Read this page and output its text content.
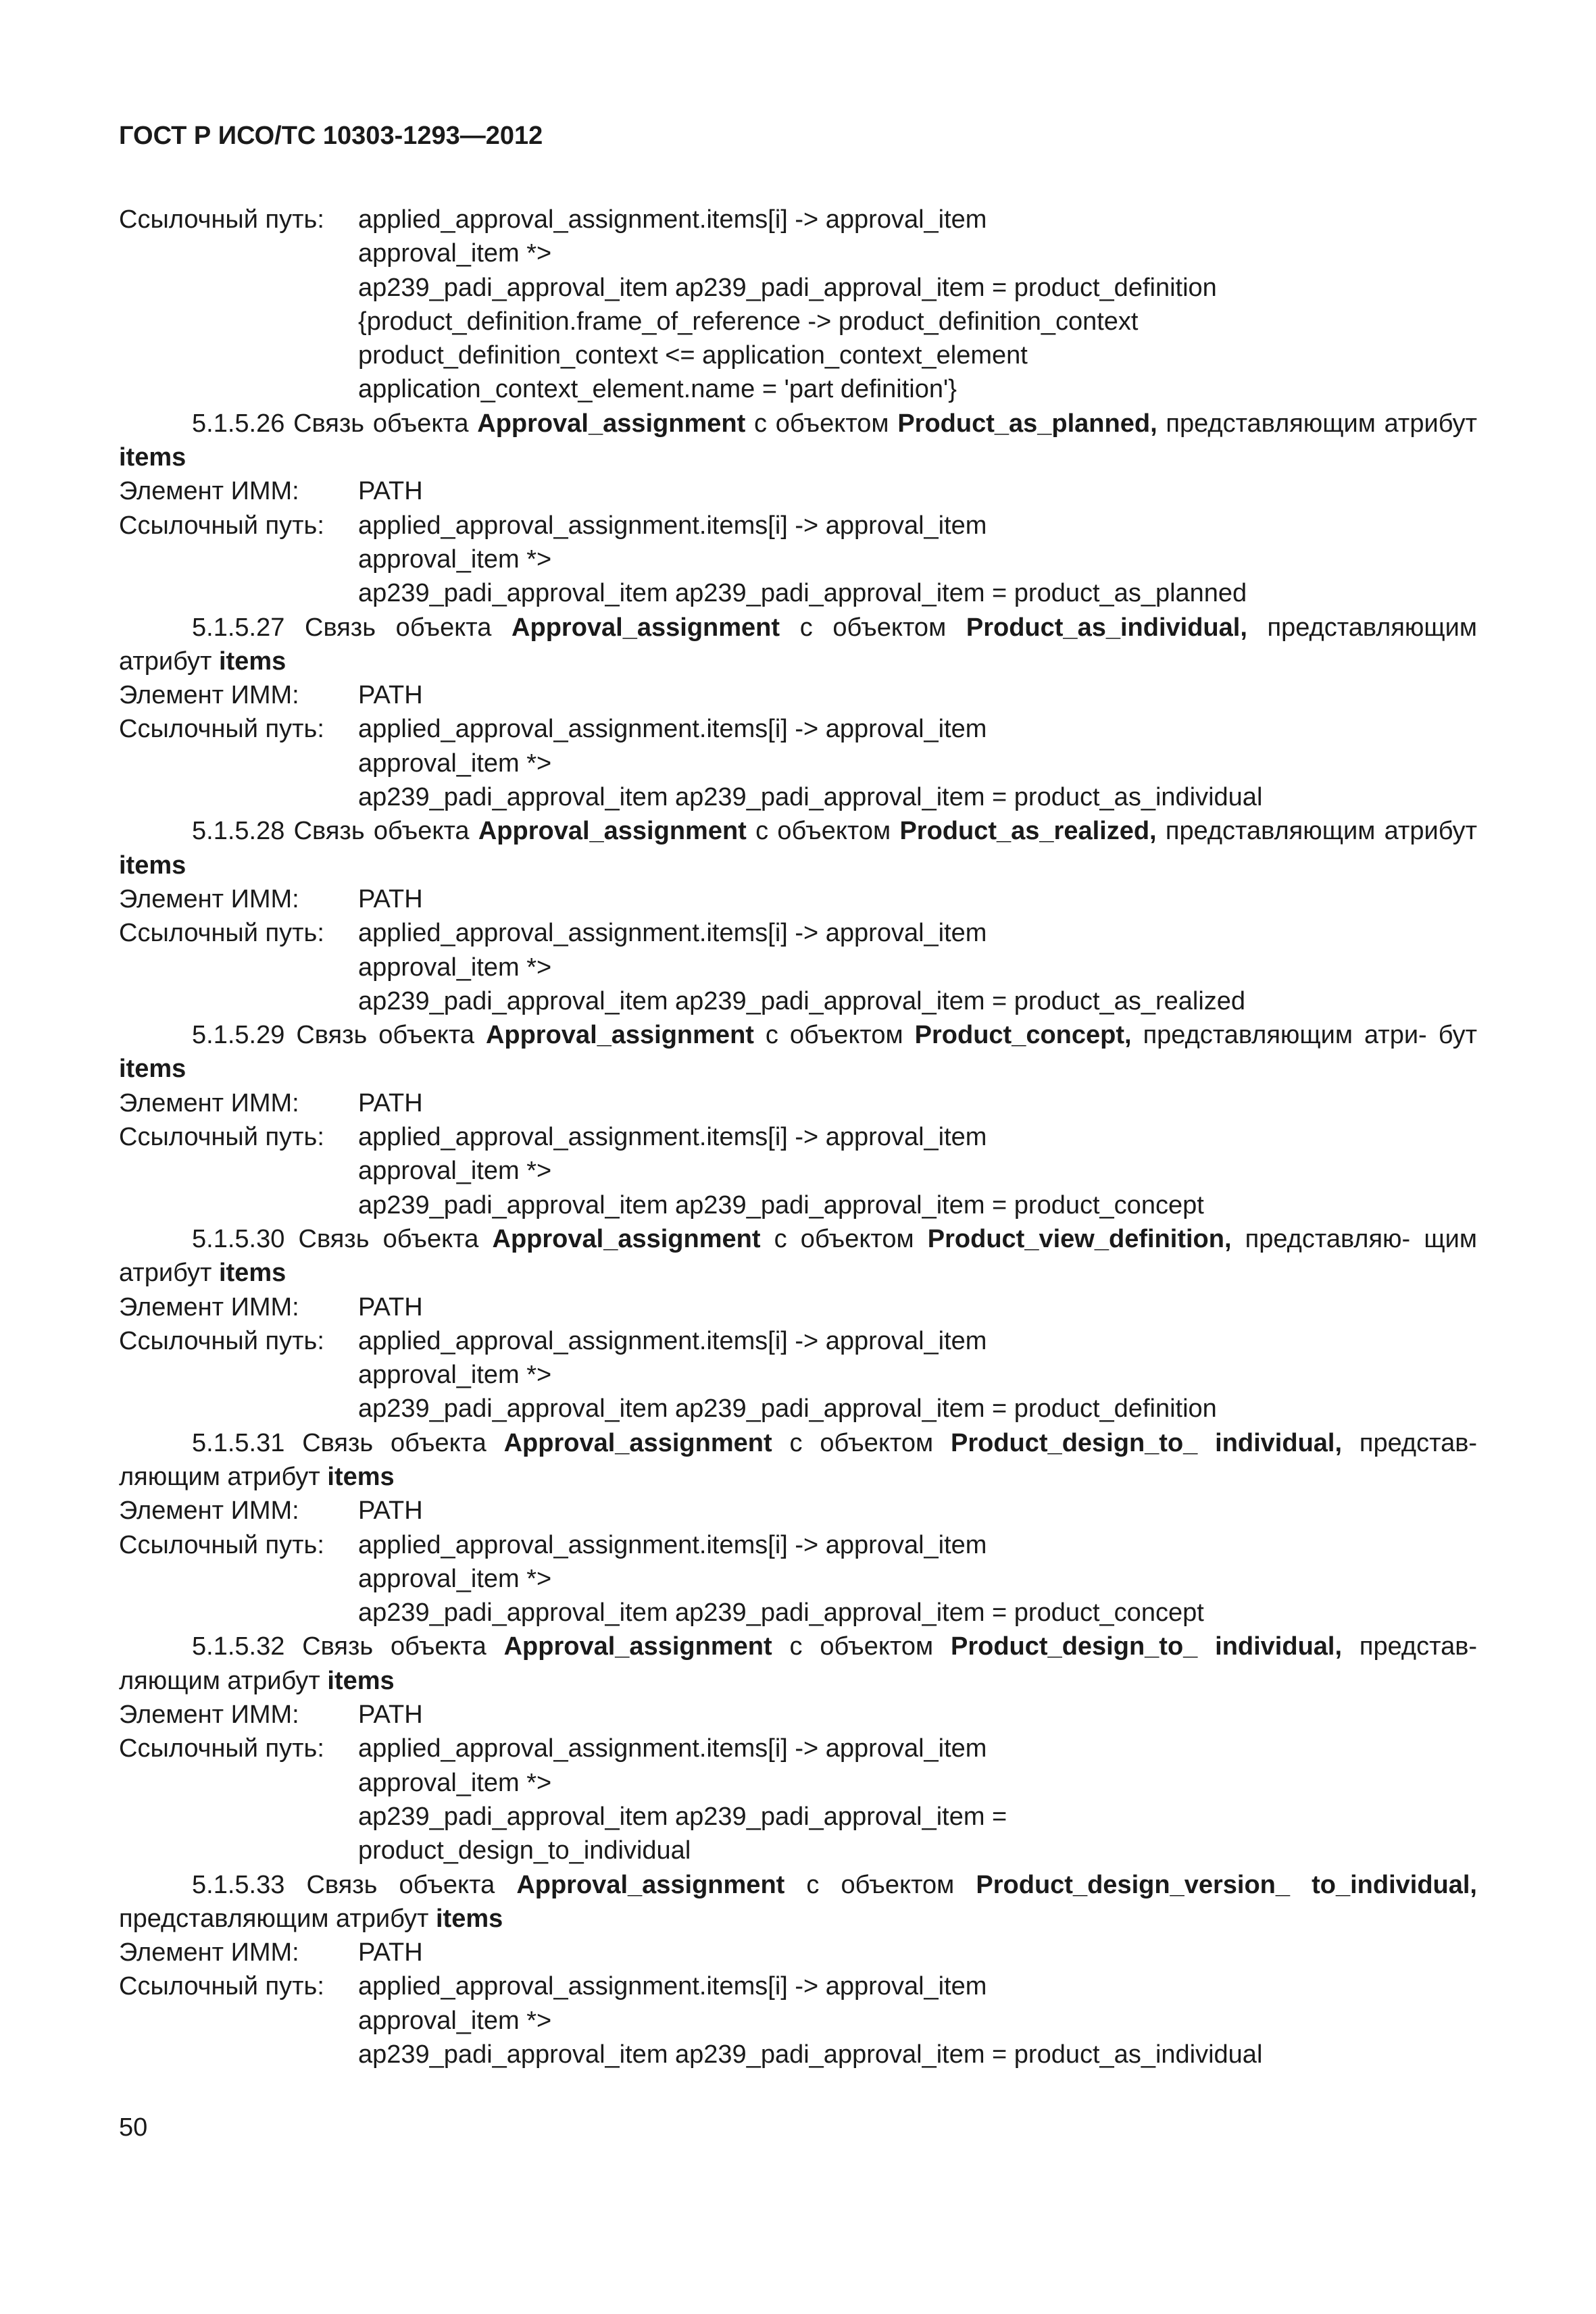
ГОСТ Р ИСО/ТС 10303-1293—2012
Ссылочный путь:	applied_approval_assignment.items[i] -> approval_item
approval_item *>
ap239_padi_approval_item ap239_padi_approval_item = product_definition
{product_definition.frame_of_reference -> product_definition_context
product_definition_context <= application_context_element
application_context_element.name = 'part definition'}
5.1.5.26 Связь объекта Approval_assignment с объектом Product_as_planned, представляющим атрибут items
Элемент ИММ:	PATH
Ссылочный путь:	applied_approval_assignment.items[i] -> approval_item
approval_item *>
ap239_padi_approval_item ap239_padi_approval_item = product_as_planned
5.1.5.27 Связь объекта Approval_assignment с объектом Product_as_individual, представляющим атрибут items
Элемент ИММ:	PATH
Ссылочный путь:	applied_approval_assignment.items[i] -> approval_item
approval_item *>
ap239_padi_approval_item ap239_padi_approval_item = product_as_individual
5.1.5.28 Связь объекта Approval_assignment с объектом Product_as_realized, представляющим атрибут items
Элемент ИММ:	PATH
Ссылочный путь:	applied_approval_assignment.items[i] -> approval_item
approval_item *>
ap239_padi_approval_item ap239_padi_approval_item = product_as_realized
5.1.5.29 Связь объекта Approval_assignment с объектом Product_concept, представляющим атри- бут items
Элемент ИММ:	PATH
Ссылочный путь:	applied_approval_assignment.items[i] -> approval_item
approval_item *>
ap239_padi_approval_item ap239_padi_approval_item = product_concept
5.1.5.30 Связь объекта Approval_assignment с объектом Product_view_definition, представляю- щим атрибут items
Элемент ИММ:	PATH
Ссылочный путь:	applied_approval_assignment.items[i] -> approval_item
approval_item *>
ap239_padi_approval_item ap239_padi_approval_item = product_definition
5.1.5.31 Связь объекта Approval_assignment с объектом Product_design_to_ individual, представ- ляющим атрибут items
Элемент ИММ:	PATH
Ссылочный путь:	applied_approval_assignment.items[i] -> approval_item
approval_item *>
ap239_padi_approval_item ap239_padi_approval_item = product_concept
5.1.5.32 Связь объекта Approval_assignment с объектом Product_design_to_ individual, представ- ляющим атрибут items
Элемент ИММ:	PATH
Ссылочный путь:	applied_approval_assignment.items[i] -> approval_item
approval_item *>
ap239_padi_approval_item ap239_padi_approval_item =
product_design_to_individual
5.1.5.33 Связь объекта Approval_assignment с объектом Product_design_version_ to_individual, представляющим атрибут items
Элемент ИММ:	PATH
Ссылочный путь:	applied_approval_assignment.items[i] -> approval_item
approval_item *>
ap239_padi_approval_item ap239_padi_approval_item = product_as_individual
50
